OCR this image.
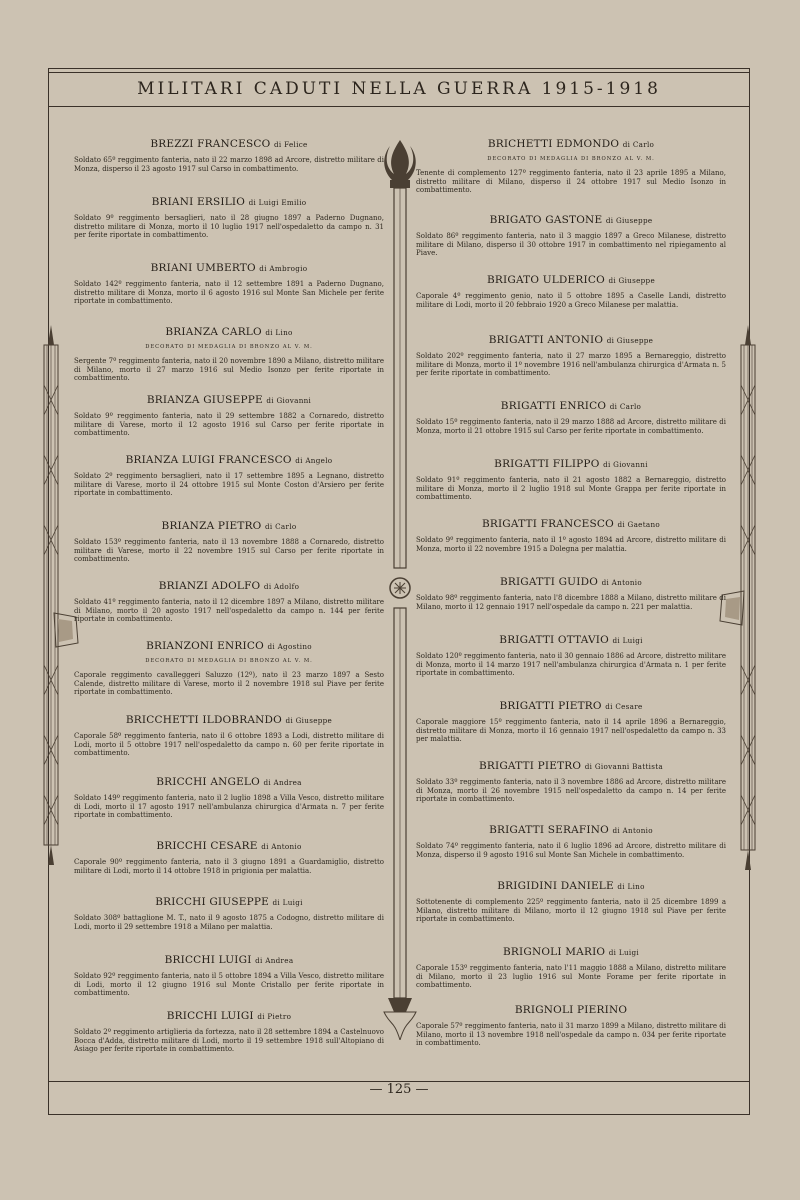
MILITARI CADUTI NELLA GUERRA 1915-1918
BREZZI FRANCESCO di Felice

Soldato 65º reggimento fanteria, nato il 22 marzo 1898 ad Arcore, distretto militare di Monza, disperso il 23 agosto 1917 sul Carso in combattimento.

BRIANI ERSILIO di Luigi Emilio

Soldato 9º reggimento bersaglieri, nato il 28 giugno 1897 a Paderno Dugnano, distretto militare di Monza, morto il 10 luglio 1917 nell'ospedaletto da campo n. 31 per ferite riportate in combattimento.

BRIANI UMBERTO di Ambrogio

Soldato 142º reggimento fanteria, nato il 12 settembre 1891 a Paderno Dugnano, distretto militare di Monza, morto il 6 agosto 1916 sul Monte San Michele per ferite riportate in combattimento.

BRIANZA CARLO di Lino
DECORATO DI MEDAGLIA DI BRONZO AL V. M.

Sergente 7º reggimento fanteria, nato il 20 novembre 1890 a Milano, distretto militare di Milano, morto il 27 marzo 1916 sul Medio Isonzo per ferite riportate in combattimento.

BRIANZA GIUSEPPE di Giovanni

Soldato 9º reggimento fanteria, nato il 29 settembre 1882 a Cornaredo, distretto militare di Varese, morto il 12 agosto 1916 sul Carso per ferite riportate in combattimento.

BRIANZA LUIGI FRANCESCO di Angelo

Soldato 2º reggimento bersaglieri, nato il 17 settembre 1895 a Legnano, distretto militare di Varese, morto il 24 ottobre 1915 sul Monte Coston d'Arsiero per ferite riportate in combattimento.

BRIANZA PIETRO di Carlo

Soldato 153º reggimento fanteria, nato il 13 novembre 1888 a Cornaredo, distretto militare di Varese, morto il 22 novembre 1915 sul Carso per ferite riportate in combattimento.

BRIANZI ADOLFO di Adolfo

Soldato 41º reggimento fanteria, nato il 12 dicembre 1897 a Milano, distretto militare di Milano, morto il 20 agosto 1917 nell'ospedaletto da campo n. 144 per ferite riportate in combattimento.

BRIANZONI ENRICO di Agostino
DECORATO DI MEDAGLIA DI BRONZO AL V. M.

Caporale reggimento cavalleggeri Saluzzo (12º), nato il 23 marzo 1897 a Sesto Calende, distretto militare di Varese, morto il 2 novembre 1918 sul Piave per ferite riportate in combattimento.

BRICCHETTI ILDOBRANDO di Giuseppe

Caporale 58º reggimento fanteria, nato il 6 ottobre 1893 a Lodi, distretto militare di Lodi, morto il 5 ottobre 1917 nell'ospedaletto da campo n. 60 per ferite riportate in combattimento.

BRICCHI ANGELO di Andrea

Soldato 149º reggimento fanteria, nato il 2 luglio 1898 a Villa Vesco, distretto militare di Lodi, morto il 17 agosto 1917 nell'ambulanza chirurgica d'Armata n. 7 per ferite riportate in combattimento.

BRICCHI CESARE di Antonio

Caporale 90º reggimento fanteria, nato il 3 giugno 1891 a Guardamiglio, distretto militare di Lodi, morto il 14 ottobre 1918 in prigionia per malattia.

BRICCHI GIUSEPPE di Luigi

Soldato 308º battaglione M. T., nato il 9 agosto 1875 a Codogno, distretto militare di Lodi, morto il 29 settembre 1918 a Milano per malattia.

BRICCHI LUIGI di Andrea

Soldato 92º reggimento fanteria, nato il 5 ottobre 1894 a Villa Vesco, distretto militare di Lodi, morto il 12 giugno 1916 sul Monte Cristallo per ferite riportate in combattimento.

BRICCHI LUIGI di Pietro

Soldato 2º reggimento artiglieria da fortezza, nato il 28 settembre 1894 a Castelnuovo Bocca d'Adda, distretto militare di Lodi, morto il 19 settembre 1918 sull'Altopiano di Asiago per ferite riportate in combattimento.

BRICHETTI EDMONDO di Carlo
DECORATO DI MEDAGLIA DI BRONZO AL V. M.

Tenente di complemento 127º reggimento fanteria, nato il 23 aprile 1895 a Milano, distretto militare di Milano, disperso il 24 ottobre 1917 sul Medio Isonzo in combattimento.

BRIGATO GASTONE di Giuseppe

Soldato 86º reggimento fanteria, nato il 3 maggio 1897 a Greco Milanese, distretto militare di Milano, disperso il 30 ottobre 1917 in combattimento nel ripiegamento al Piave.

BRIGATO ULDERICO di Giuseppe

Caporale 4º reggimento genio, nato il 5 ottobre 1895 a Caselle Landi, distretto militare di Lodi, morto il 20 febbraio 1920 a Greco Milanese per malattia.

BRIGATTI ANTONIO di Giuseppe

Soldato 202º reggimento fanteria, nato il 27 marzo 1895 a Bernareggio, distretto militare di Monza, morto il 1º novembre 1916 nell'ambulanza chirurgica d'Armata n. 5 per ferite riportate in combattimento.

BRIGATTI ENRICO di Carlo

Soldato 15º reggimento fanteria, nato il 29 marzo 1888 ad Arcore, distretto militare di Monza, morto il 21 ottobre 1915 sul Carso per ferite riportate in combattimento.

BRIGATTI FILIPPO di Giovanni

Soldato 91º reggimento fanteria, nato il 21 agosto 1882 a Bernareggio, distretto militare di Monza, morto il 2 luglio 1918 sul Monte Grappa per ferite riportate in combattimento.

BRIGATTI FRANCESCO di Gaetano

Soldato 9º reggimento fanteria, nato il 1º agosto 1894 ad Arcore, distretto militare di Monza, morto il 22 novembre 1915 a Dolegna per malattia.

BRIGATTI GUIDO di Antonio

Soldato 98º reggimento fanteria, nato l'8 dicembre 1888 a Milano, distretto militare di Milano, morto il 12 gennaio 1917 nell'ospedale da campo n. 221 per malattia.

BRIGATTI OTTAVIO di Luigi

Soldato 120º reggimento fanteria, nato il 30 gennaio 1886 ad Arcore, distretto militare di Monza, morto il 14 marzo 1917 nell'ambulanza chirurgica d'Armata n. 1 per ferite riportate in combattimento.

BRIGATTI PIETRO di Cesare

Caporale maggiore 15º reggimento fanteria, nato il 14 aprile 1896 a Bernareggio, distretto militare di Monza, morto il 16 gennaio 1917 nell'ospedaletto da campo n. 33 per malattia.

BRIGATTI PIETRO di Giovanni Battista

Soldato 33º reggimento fanteria, nato il 3 novembre 1886 ad Arcore, distretto militare di Monza, morto il 26 novembre 1915 nell'ospedaletto da campo n. 14 per ferite riportate in combattimento.

BRIGATTI SERAFINO di Antonio

Soldato 74º reggimento fanteria, nato il 6 luglio 1896 ad Arcore, distretto militare di Monza, disperso il 9 agosto 1916 sul Monte San Michele in combattimento.

BRIGIDINI DANIELE di Lino

Sottotenente di complemento 225º reggimento fanteria, nato il 25 dicembre 1899 a Milano, distretto militare di Milano, morto il 12 giugno 1918 sul Piave per ferite riportate in combattimento.

BRIGNOLI MARIO di Luigi

Caporale 153º reggimento fanteria, nato l'11 maggio 1888 a Milano, distretto militare di Milano, morto il 23 luglio 1916 sul Monte Forame per ferite riportate in combattimento.

BRIGNOLI PIERINO

Caporale 57º reggimento fanteria, nato il 31 marzo 1899 a Milano, distretto militare di Milano, morto il 13 novembre 1918 nell'ospedale da campo n. 034 per ferite riportate in combattimento.

— 125 —
